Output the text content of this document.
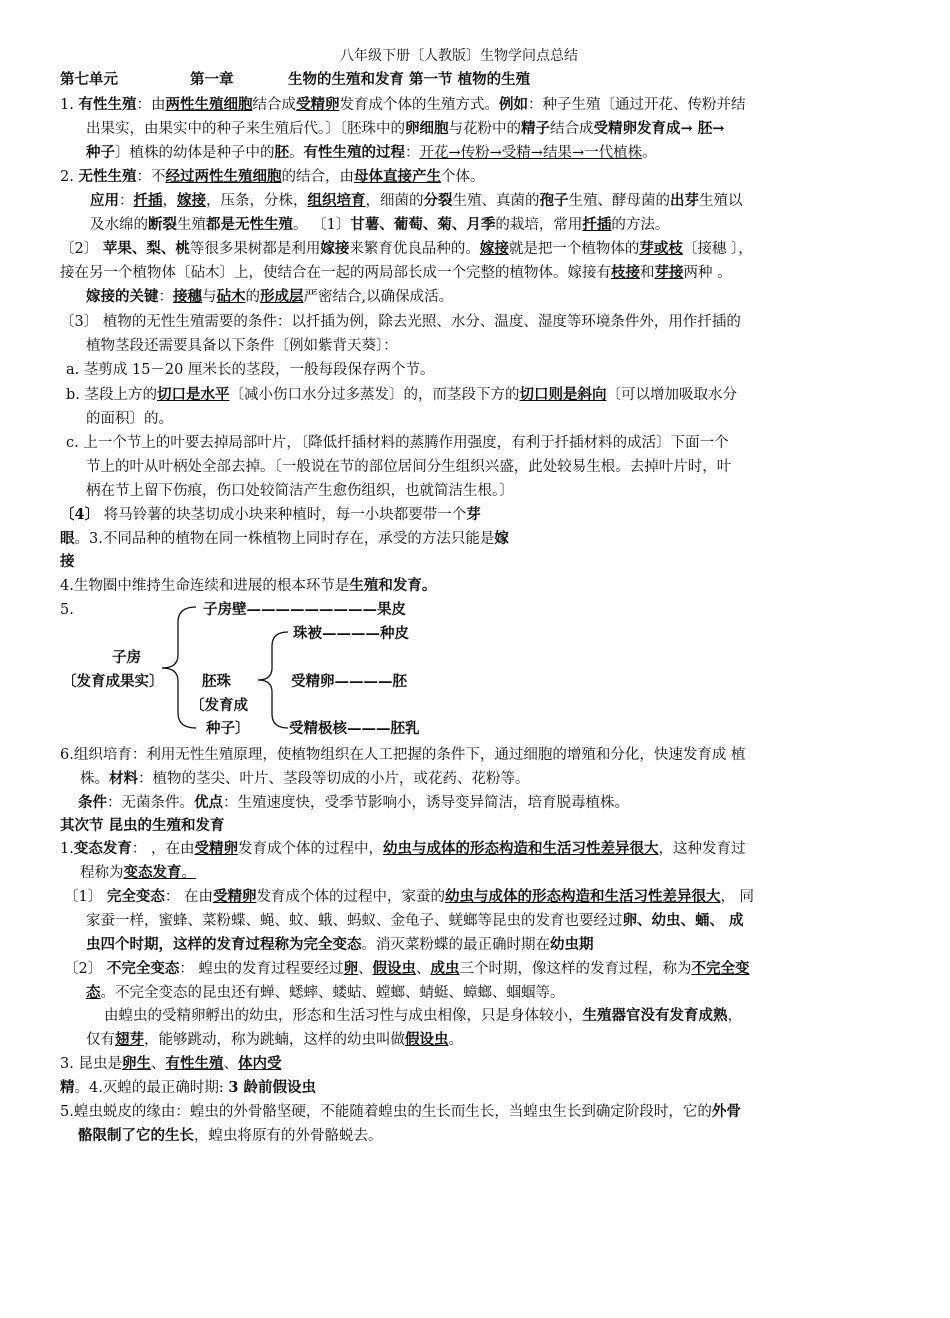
八年级下册〔人教版〕生物学问点总结
第七单元	第一章	生物的生殖和发育 第一节 植物的生殖
1. 有性生殖：由两性生殖细胞结合成受精卵发育成个体的生殖方式。例如：种子生殖〔通过开花、传粉并结
出果实，由果实中的种子来生殖后代。〕〔胚珠中的卵细胞与花粉中的精子结合成受精卵发育成→ 胚→
种子〕植株的幼体是种子中的胚。有性生殖的过程：开花→传粉→受精→结果→一代植株。
2. 无性生殖：不经过两性生殖细胞的结合，由母体直接产生个体。
应用：扦插，嫁接，压条，分株，组织培育，细菌的分裂生殖、真菌的孢子生殖、酵母菌的出芽生殖以
及水绵的断裂生殖都是无性生殖。 〔1〕甘薯、葡萄、菊、月季的栽培，常用扦插的方法。
〔2〕 苹果、梨、桃等很多果树都是利用嫁接来繁育优良品种的。嫁接就是把一个植物体的芽或枝〔接穗 〕，
接在另一个植物体〔砧木〕上，使结合在一起的两局部长成一个完整的植物体。嫁接有枝接和芽接两种 。
嫁接的关键：接穗与砧木的形成层严密结合,以确保成活。
〔3〕 植物的无性生殖需要的条件：以扦插为例，除去光照、水分、温度、湿度等环境条件外，用作扦插的
植物茎段还需要具备以下条件〔例如紫背天葵〕：
a. 茎剪成 15－20 厘米长的茎段，一般每段保存两个节。
b. 茎段上方的切口是水平〔减小伤口水分过多蒸发〕的，而茎段下方的切口则是斜向〔可以增加吸取水分
的面积〕的。
c. 上一个节上的叶要去掉局部叶片，〔降低扦插材料的蒸腾作用强度，有利于扦插材料的成活〕下面一个
节上的叶从叶柄处全部去掉。〔一般说在节的部位居间分生组织兴盛，此处较易生根。去掉叶片时，叶
柄在节上留下伤痕，伤口处较简洁产生愈伤组织，也就简洁生根。〕
〔4〕 将马铃薯的块茎切成小块来种植时，每一小块都要带一个芽
眼。3.不同品种的植物在同一株植物上同时存在，承受的方法只能是嫁
接
4.生物圈中维持生命连续和进展的根本环节是生殖和发育。
5.
6.组织培育：利用无性生殖原理，使植物组织在人工把握的条件下，通过细胞的增殖和分化，快速发育成 植
株。材料：植物的茎尖、叶片、茎段等切成的小片，或花药、花粉等。
条件：无菌条件。优点：生殖速度快，受季节影响小，诱导变异简洁，培育脱毒植株。
其次节 昆虫的生殖和发育
1.变态发育： ，在由受精卵发育成个体的过程中，幼虫与成体的形态构造和生活习性差异很大，这种发育过
程称为变态发育。
〔1〕 完全变态： 在由受精卵发育成个体的过程中，家蚕的幼虫与成体的形态构造和生活习性差异很大， 同
家蚕一样，蜜蜂、菜粉蝶、蝇、蚊、蛾、蚂蚁、金龟子、蜣螂等昆虫的发育也要经过卵、幼虫、蛹、 成
虫四个时期，这样的发育过程称为完全变态。消灭菜粉蝶的最正确时期在幼虫期
〔2〕 不完全变态： 蝗虫的发育过程要经过卵、假设虫、成虫三个时期，像这样的发育过程，称为不完全变
态。不完全变态的昆虫还有蝉、蟋蟀、蝼蛄、螳螂、蜻蜓、蟑螂、蝈蝈等。
由蝗虫的受精卵孵出的幼虫，形态和生活习性与成虫相像，只是身体较小，生殖器官没有发育成熟，
仅有翅芽，能够跳动，称为跳蝻，这样的幼虫叫做假设虫。
3. 昆虫是卵生、有性生殖、体内受
精。4.灭蝗的最正确时期: 3 龄前假设虫
5.蝗虫蜕皮的缘由：蝗虫的外骨骼坚硬，不能随着蝗虫的生长而生长，当蝗虫生长到确定阶段时，它的外骨
骼限制了它的生长，蝗虫将原有的外骨骼蜕去。
子房
〔发育成果实〕
子房壁—————————果皮
胚珠
〔发育成
种子〕
珠被————种皮
受精卵————胚
受精极核———胚乳
